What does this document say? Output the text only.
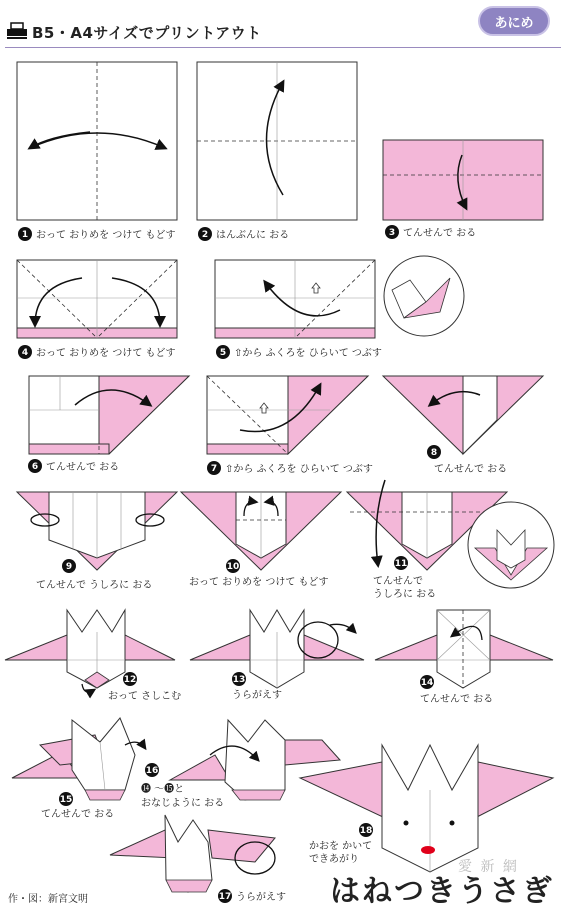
B5・A4サイズでプリントアウト
あにめ
1 おって おりめを つけて もどす	2 はんぶんに おる	3 てんせんで おる
4 おって おりめを つけて もどす	5 ⇧から ふくろを ひらいて つぶす
6 てんせんで おる	7 ⇧から ふくろを ひらいて つぶす
8
てんせんで おる
9
てんせんで うしろに おる
10
おって おりめを つけて もどす
11
てんせんで
うしろに おる
12
おって さしこむ
13
うらがえす
14
てんせんで おる
15
てんせんで おる
16
⓮ 〜⓯と
おなじように おる
17 うらがえす
18
かおを かいて
できあがり
はねつきうさぎ
作・図：新宮文明
愛 新 網
